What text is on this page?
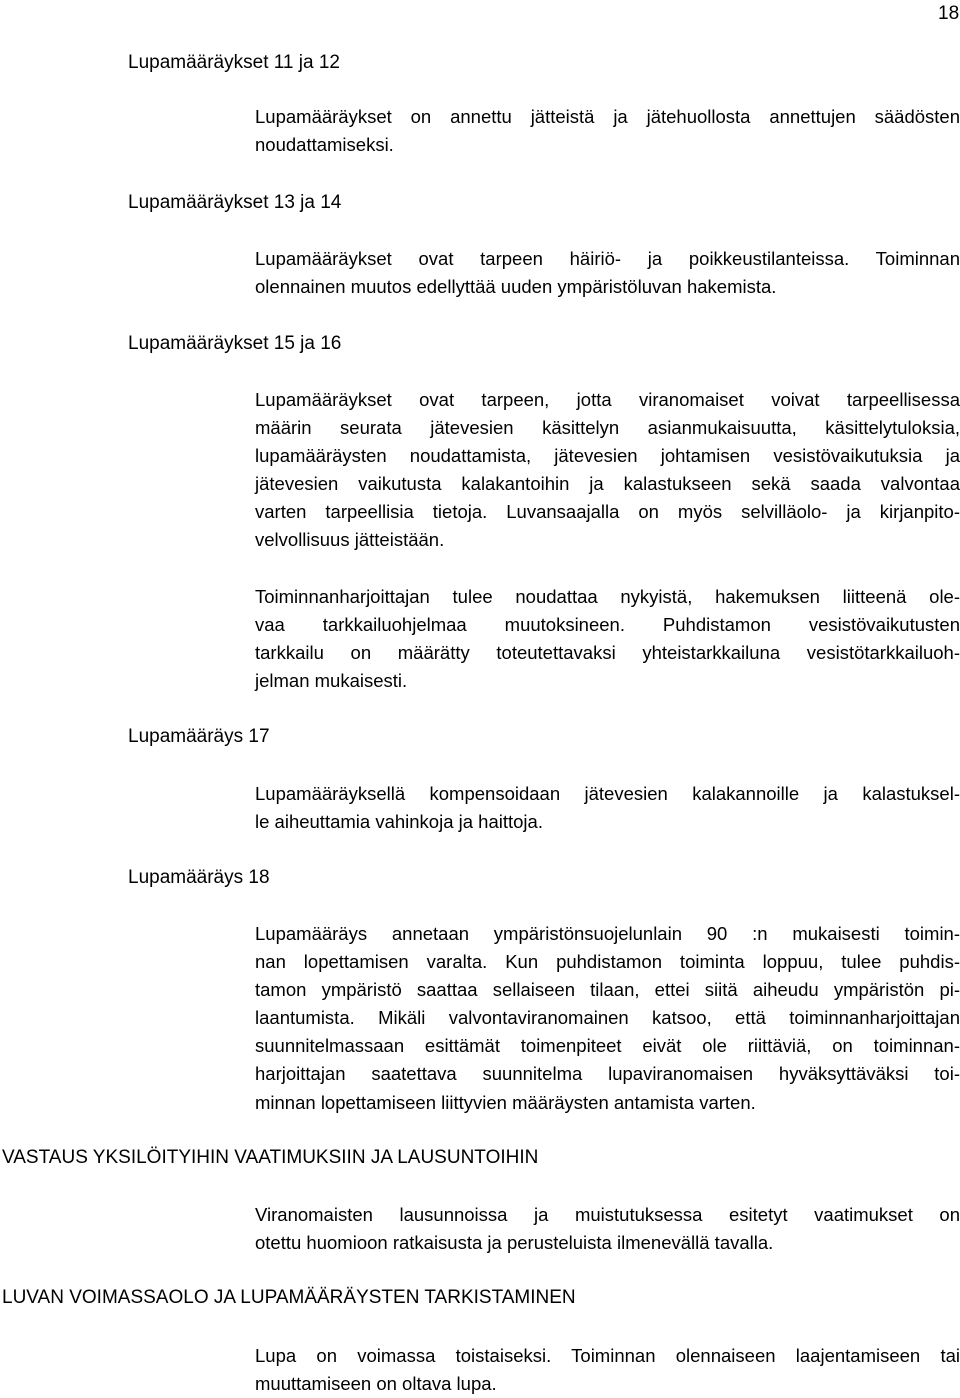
18
Lupamääräykset 11 ja 12
Lupamääräykset on annettu jätteistä ja jätehuollosta annettujen säädösten
noudattamiseksi.
Lupamääräykset 13 ja 14
Lupamääräykset ovat tarpeen häiriö- ja poikkeustilanteissa. Toiminnan
olennainen muutos edellyttää uuden ympäristöluvan hakemista.
Lupamääräykset 15 ja 16
Lupamääräykset ovat tarpeen, jotta viranomaiset voivat tarpeellisessa
määrin seurata jätevesien käsittelyn asianmukaisuutta, käsittelytuloksia,
lupamääräysten noudattamista, jätevesien johtamisen vesistövaikutuksia ja
jätevesien vaikutusta kalakantoihin ja kalastukseen sekä saada valvontaa
varten tarpeellisia tietoja. Luvansaajalla on myös selvilläolo- ja kirjanpito-
velvollisuus jätteistään.
Toiminnanharjoittajan tulee noudattaa nykyistä, hakemuksen liitteenä ole-
vaa tarkkailuohjelmaa muutoksineen. Puhdistamon vesistövaikutusten
tarkkailu on määrätty toteutettavaksi yhteistarkkailuna vesistötarkkailuoh-
jelman mukaisesti.
Lupamääräys 17
Lupamääräyksellä kompensoidaan jätevesien kalakannoille ja kalastuksel-
le aiheuttamia vahinkoja ja haittoja.
Lupamääräys 18
Lupamääräys annetaan ympäristönsuojelunlain 90 :n mukaisesti toimin-
nan lopettamisen varalta. Kun puhdistamon toiminta loppuu, tulee puhdis-
tamon ympäristö saattaa sellaiseen tilaan, ettei siitä aiheudu ympäristön pi-
laantumista. Mikäli valvontaviranomainen katsoo, että toiminnanharjoittajan
suunnitelmassaan esittämät toimenpiteet eivät ole riittäviä, on toiminnan-
harjoittajan saatettava suunnitelma lupaviranomaisen hyväksyttäväksi toi-
minnan lopettamiseen liittyvien määräysten antamista varten.
VASTAUS YKSILÖITYIHIN VAATIMUKSIIN JA LAUSUNTOIHIN
Viranomaisten lausunnoissa ja muistutuksessa esitetyt vaatimukset on
otettu huomioon ratkaisusta ja perusteluista ilmenevällä tavalla.
LUVAN VOIMASSAOLO JA LUPAMÄÄRÄYSTEN TARKISTAMINEN
Lupa on voimassa toistaiseksi. Toiminnan olennaiseen laajentamiseen tai
muuttamiseen on oltava lupa.
